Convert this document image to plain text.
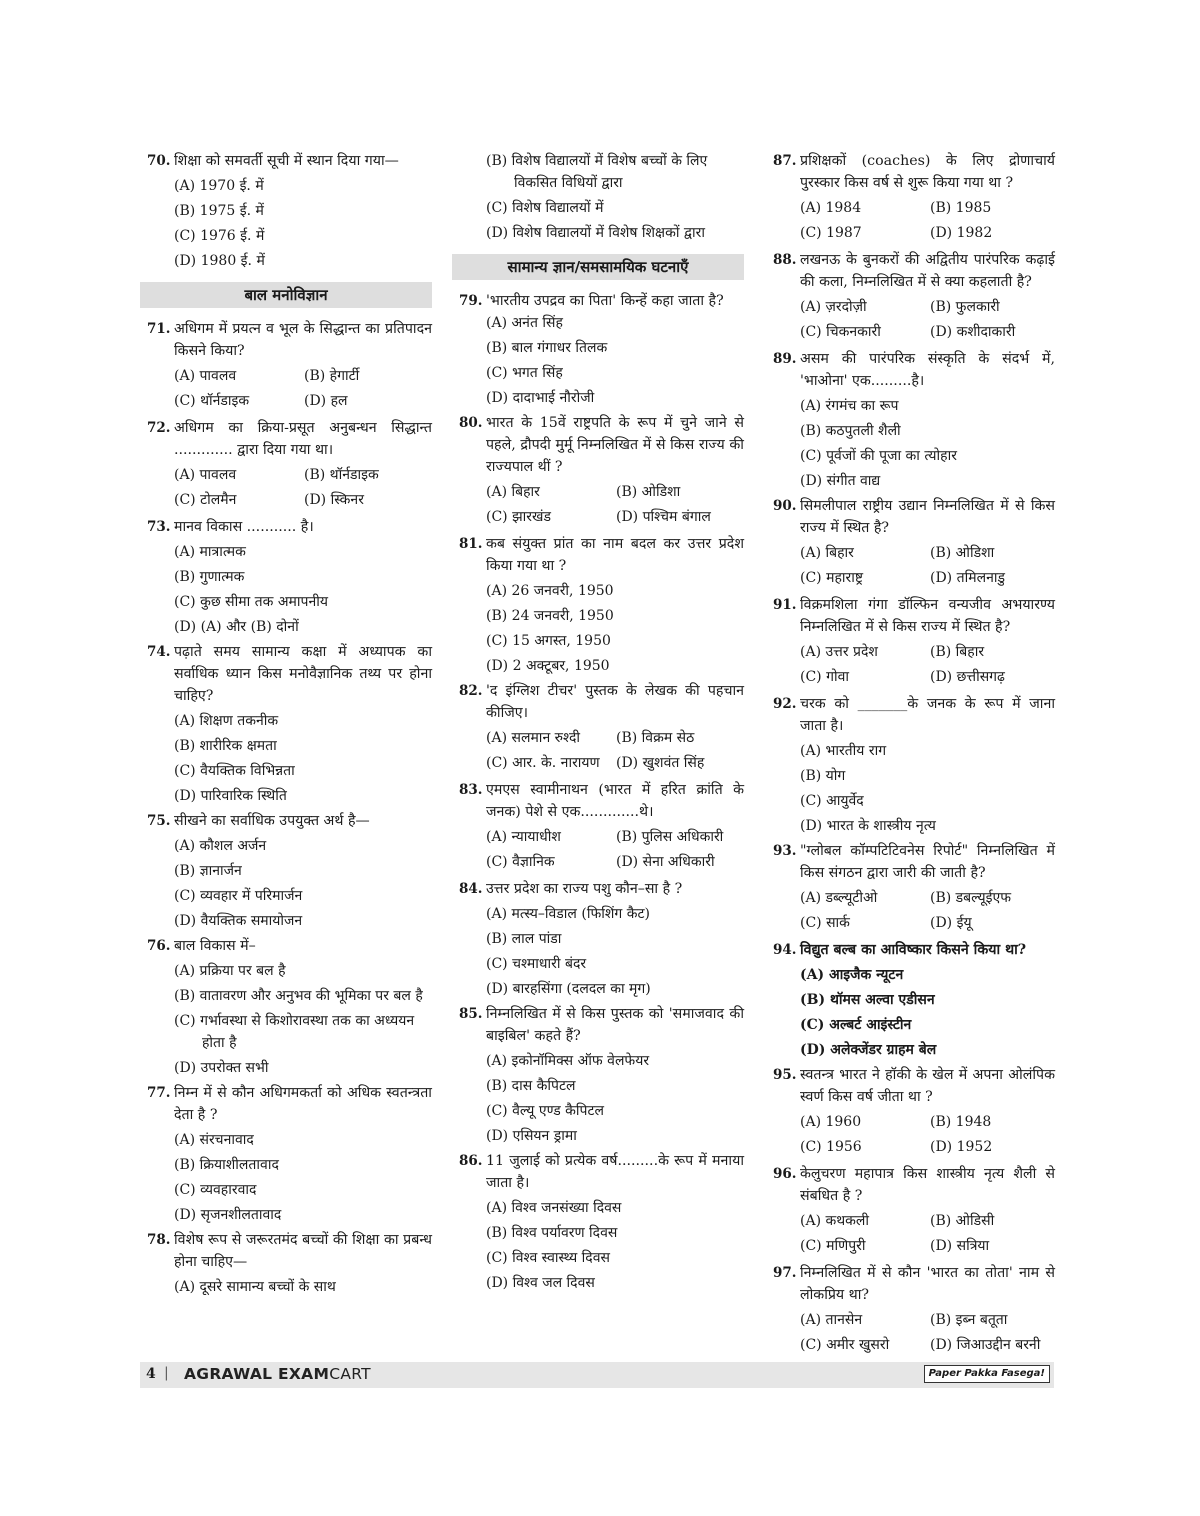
70. शिक्षा को समवर्ती सूची में स्थान दिया गया—
(A) 1970 ई. में
(B) 1975 ई. में
(C) 1976 ई. में
(D) 1980 ई. में
बाल मनोविज्ञान
71. अधिगम में प्रयत्न व भूल के सिद्धान्त का प्रतिपादन किसने किया?
(A) पावलव	(B) हेगार्टी
(C) थॉर्नडाइक	(D) हल
72. अधिगम का क्रिया-प्रसूत अनुबन्धन सिद्धान्त ............. द्वारा दिया गया था।
(A) पावलव	(B) थॉर्नडाइक
(C) टोलमैन	(D) स्किनर
73. मानव विकास ........... है।
(A) मात्रात्मक
(B) गुणात्मक
(C) कुछ सीमा तक अमापनीय
(D) (A) और (B) दोनों
74. पढ़ाते समय सामान्य कक्षा में अध्यापक का सर्वाधिक ध्यान किस मनोवैज्ञानिक तथ्य पर होना चाहिए?
(A) शिक्षण तकनीक
(B) शारीरिक क्षमता
(C) वैयक्तिक विभिन्नता
(D) पारिवारिक स्थिति
75. सीखने का सर्वाधिक उपयुक्त अर्थ है—
(A) कौशल अर्जन
(B) ज्ञानार्जन
(C) व्यवहार में परिमार्जन
(D) वैयक्तिक समायोजन
76. बाल विकास में–
(A) प्रक्रिया पर बल है
(B) वातावरण और अनुभव की भूमिका पर बल है
(C) गर्भावस्था से किशोरावस्था तक का अध्ययन होता है
(D) उपरोक्त सभी
77. निम्न में से कौन अधिगमकर्ता को अधिक स्वतन्त्रता देता है ?
(A) संरचनावाद
(B) क्रियाशीलतावाद
(C) व्यवहारवाद
(D) सृजनशीलतावाद
78. विशेष रूप से जरूरतमंद बच्चों की शिक्षा का प्रबन्ध होना चाहिए—
(A) दूसरे सामान्य बच्चों के साथ
(B) विशेष विद्यालयों में विशेष बच्चों के लिए विकसित विधियों द्वारा
(C) विशेष विद्यालयों में
(D) विशेष विद्यालयों में विशेष शिक्षकों द्वारा
सामान्य ज्ञान/समसामयिक घटनाएँ
79. 'भारतीय उपद्रव का पिता' किन्हें कहा जाता है?
(A) अनंत सिंह
(B) बाल गंगाधर तिलक
(C) भगत सिंह
(D) दादाभाई नौरोजी
80. भारत के 15वें राष्ट्रपति के रूप में चुने जाने से पहले, द्रौपदी मुर्मू निम्नलिखित में से किस राज्य की राज्यपाल थीं ?
(A) बिहार	(B) ओडिशा
(C) झारखंड	(D) पश्चिम बंगाल
81. कब संयुक्त प्रांत का नाम बदल कर उत्तर प्रदेश किया गया था ?
(A) 26 जनवरी, 1950
(B) 24 जनवरी, 1950
(C) 15 अगस्त, 1950
(D) 2 अक्टूबर, 1950
82. 'द इंग्लिश टीचर' पुस्तक के लेखक की पहचान कीजिए।
(A) सलमान रुश्दी	(B) विक्रम सेठ
(C) आर. के. नारायण	(D) खुशवंत सिंह
83. एमएस स्वामीनाथन (भारत में हरित क्रांति के जनक) पेशे से एक.............थे।
(A) न्यायाधीश	(B) पुलिस अधिकारी
(C) वैज्ञानिक	(D) सेना अधिकारी
84. उत्तर प्रदेश का राज्य पशु कौन–सा है ?
(A) मत्स्य–विडाल (फिशिंग कैट)
(B) लाल पांडा
(C) चश्माधारी बंदर
(D) बारहसिंगा (दलदल का मृग)
85. निम्नलिखित में से किस पुस्तक को 'समाजवाद की बाइबिल' कहते हैं?
(A) इकोनॉमिक्स ऑफ वेलफेयर
(B) दास कैपिटल
(C) वैल्यू एण्ड कैपिटल
(D) एसियन ड्रामा
86. 11 जुलाई को प्रत्येक वर्ष.........के रूप में मनाया जाता है।
(A) विश्व जनसंख्या दिवस
(B) विश्व पर्यावरण दिवस
(C) विश्व स्वास्थ्य दिवस
(D) विश्व जल दिवस
87. प्रशिक्षकों (coaches) के लिए द्रोणाचार्य पुरस्कार किस वर्ष से शुरू किया गया था ?
(A) 1984	(B) 1985
(C) 1987	(D) 1982
88. लखनऊ के बुनकरों की अद्वितीय पारंपरिक कढ़ाई की कला, निम्नलिखित में से क्या कहलाती है?
(A) ज़रदोज़ी	(B) फुलकारी
(C) चिकनकारी	(D) कशीदाकारी
89. असम की पारंपरिक संस्कृति के संदर्भ में, 'भाओना' एक.........है।
(A) रंगमंच का रूप
(B) कठपुतली शैली
(C) पूर्वजों की पूजा का त्योहार
(D) संगीत वाद्य
90. सिमलीपाल राष्ट्रीय उद्यान निम्नलिखित में से किस राज्य में स्थित है?
(A) बिहार	(B) ओडिशा
(C) महाराष्ट्र	(D) तमिलनाडु
91. विक्रमशिला गंगा डॉल्फिन वन्यजीव अभयारण्य निम्नलिखित में से किस राज्य में स्थित है?
(A) उत्तर प्रदेश	(B) बिहार
(C) गोवा	(D) छत्तीसगढ़
92. चरक को _______के जनक के रूप में जाना जाता है।
(A) भारतीय राग
(B) योग
(C) आयुर्वेद
(D) भारत के शास्त्रीय नृत्य
93. "ग्लोबल कॉम्पटिटिवनेस रिपोर्ट" निम्नलिखित में किस संगठन द्वारा जारी की जाती है?
(A) डब्ल्यूटीओ	(B) डबल्यूईएफ
(C) सार्क	(D) ईयू
94. विद्युत बल्ब का आविष्कार किसने किया था?
(A) आइजैक न्यूटन
(B) थॉमस अल्वा एडीसन
(C) अल्बर्ट आइंस्टीन
(D) अलेक्जेंडर ग्राहम बेल
95. स्वतन्त्र भारत ने हॉकी के खेल में अपना ओलंपिक स्वर्ण किस वर्ष जीता था ?
(A) 1960	(B) 1948
(C) 1956	(D) 1952
96. केलुचरण महापात्र किस शास्त्रीय नृत्य शैली से संबधित है ?
(A) कथकली	(B) ओडिसी
(C) मणिपुरी	(D) सत्रिया
97. निम्नलिखित में से कौन 'भारत का तोता' नाम से लोकप्रिय था?
(A) तानसेन	(B) इब्न बतूता
(C) अमीर खुसरो	(D) जिआउद्दीन बरनी
4 | AGRAWAL EXAMCART	Paper Pakka Fasega!
